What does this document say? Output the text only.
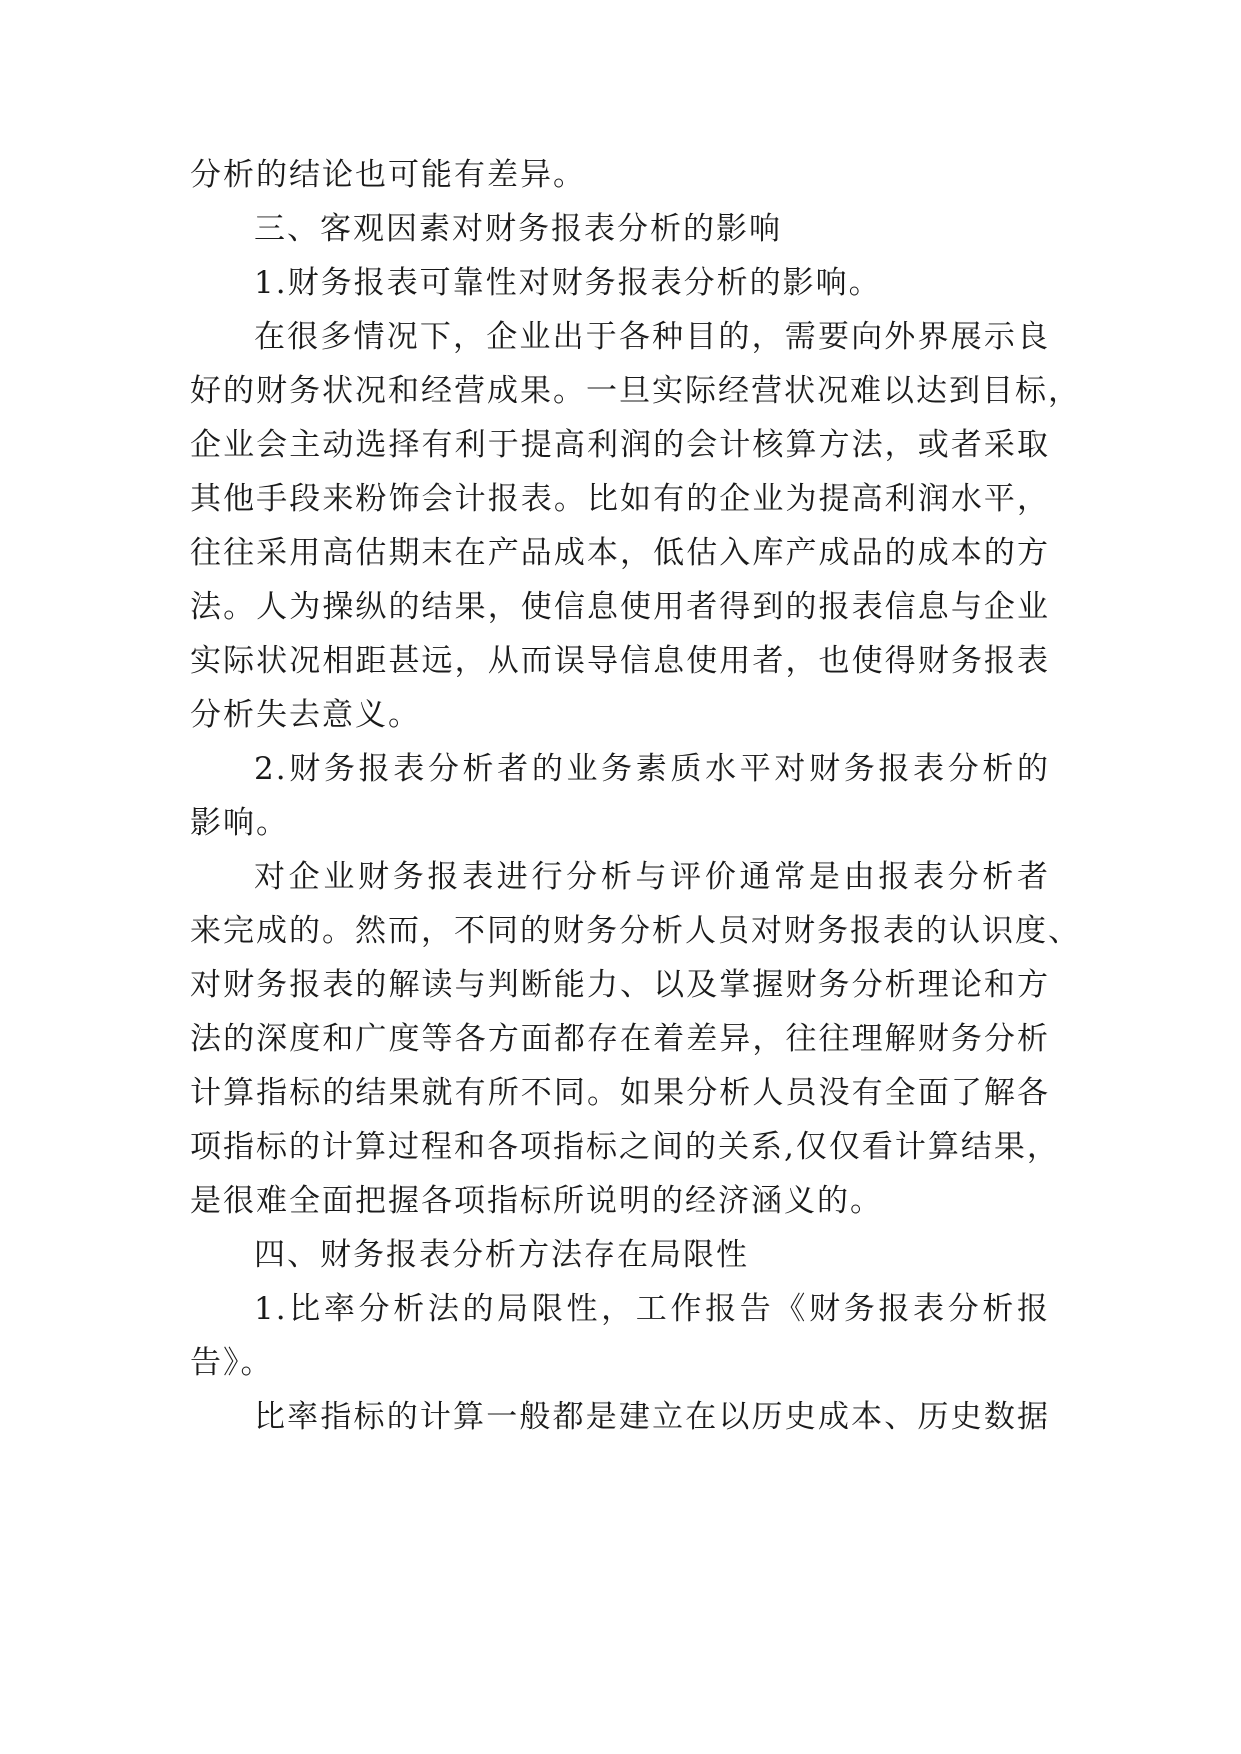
分析的结论也可能有差异。
三、客观因素对财务报表分析的影响
1.财务报表可靠性对财务报表分析的影响。
在很多情况下，企业出于各种目的，需要向外界展示良
好的财务状况和经营成果。一旦实际经营状况难以达到目标，
企业会主动选择有利于提高利润的会计核算方法，或者采取
其他手段来粉饰会计报表。比如有的企业为提高利润水平，
往往采用高估期末在产品成本，低估入库产成品的成本的方
法。人为操纵的结果，使信息使用者得到的报表信息与企业
实际状况相距甚远，从而误导信息使用者，也使得财务报表
分析失去意义。
2.财务报表分析者的业务素质水平对财务报表分析的
影响。
对企业财务报表进行分析与评价通常是由报表分析者
来完成的。然而，不同的财务分析人员对财务报表的认识度、
对财务报表的解读与判断能力、以及掌握财务分析理论和方
法的深度和广度等各方面都存在着差异，往往理解财务分析
计算指标的结果就有所不同。如果分析人员没有全面了解各
项指标的计算过程和各项指标之间的关系,仅仅看计算结果，
是很难全面把握各项指标所说明的经济涵义的。
四、财务报表分析方法存在局限性
1.比率分析法的局限性，工作报告《财务报表分析报
告》。
比率指标的计算一般都是建立在以历史成本、历史数据
